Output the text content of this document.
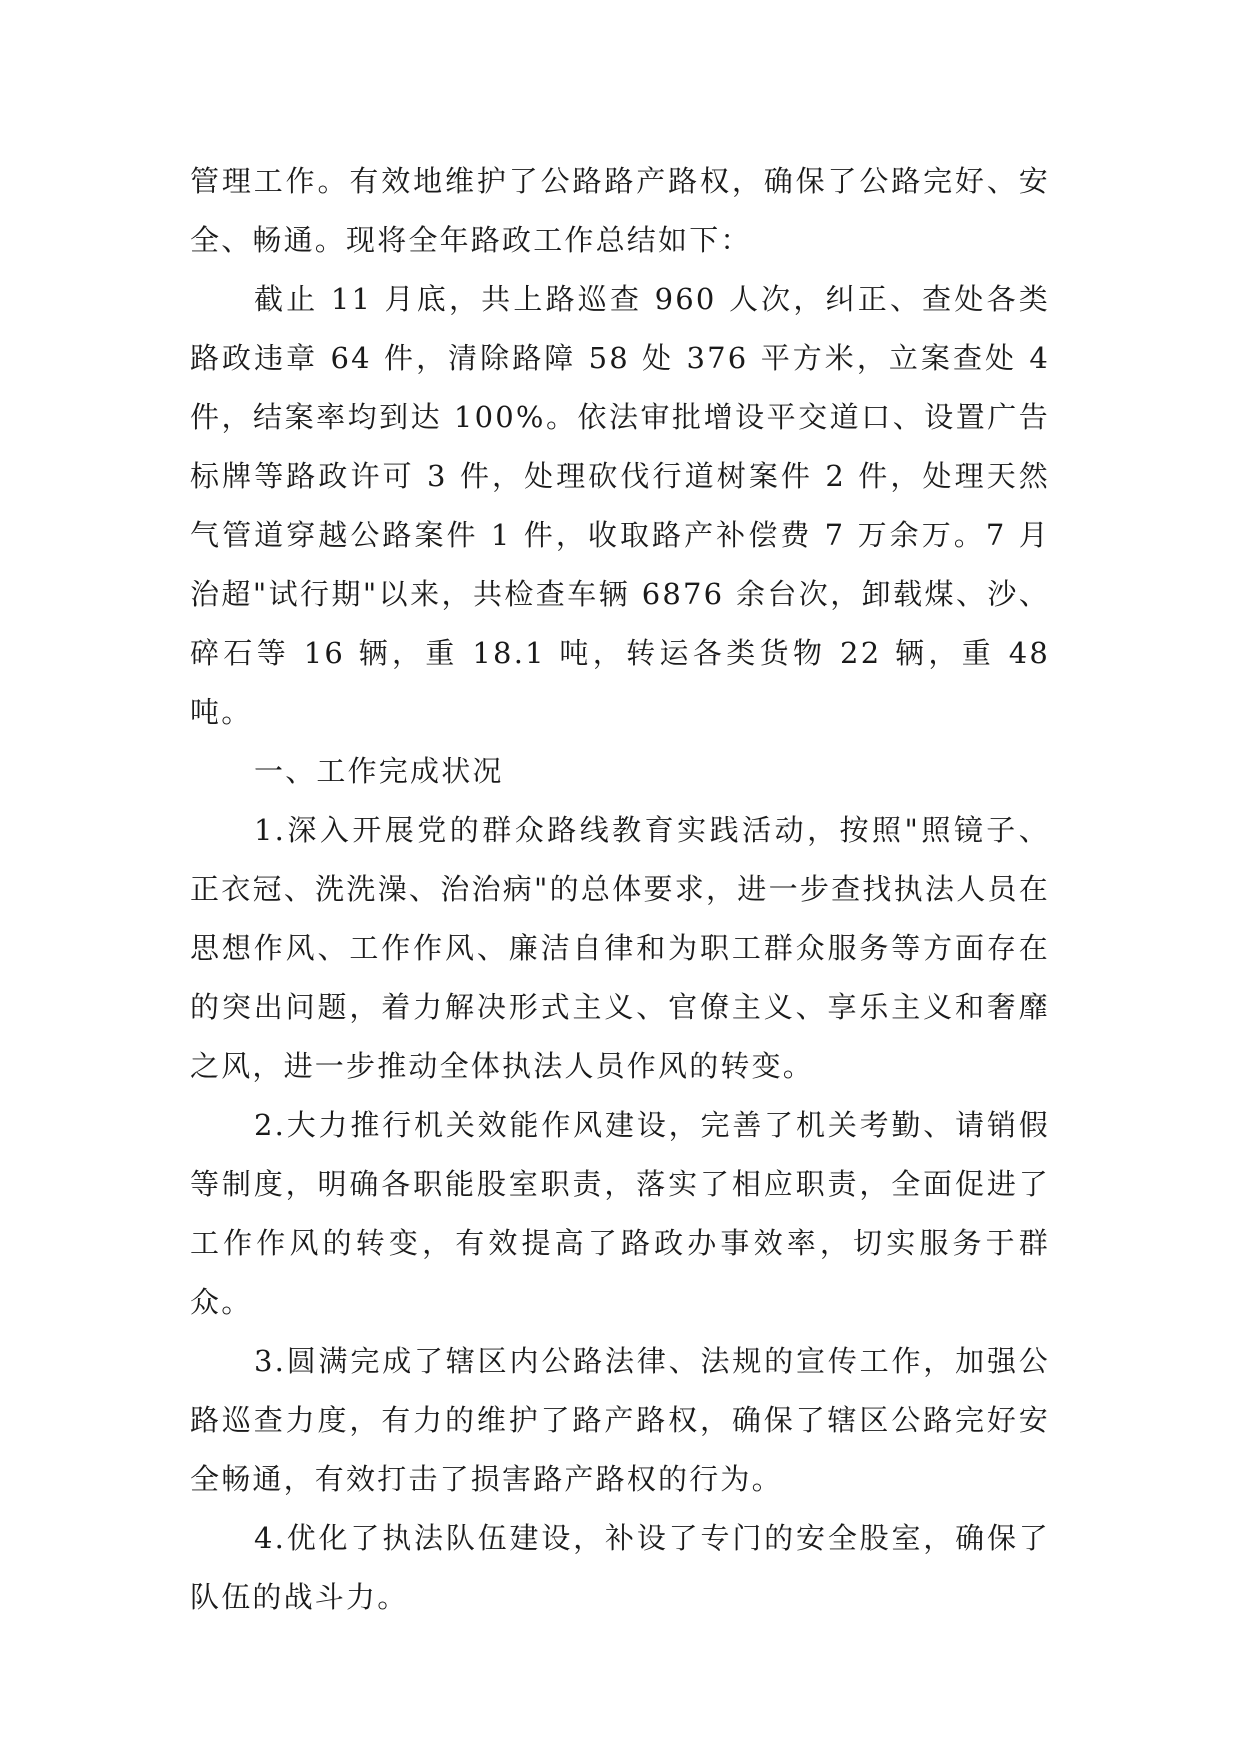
管理工作。有效地维护了公路路产路权，确保了公路完好、安全、畅通。现将全年路政工作总结如下：

截止 11 月底，共上路巡查 960 人次，纠正、查处各类路政违章 64 件，清除路障 58 处 376 平方米，立案查处 4 件，结案率均到达 100%。依法审批增设平交道口、设置广告标牌等路政许可 3 件，处理砍伐行道树案件 2 件，处理天然气管道穿越公路案件 1 件，收取路产补偿费 7 万余万。7 月治超"试行期"以来，共检查车辆 6876 余台次，卸载煤、沙、碎石等 16 辆，重 18.1 吨，转运各类货物 22 辆，重 48 吨。

一、工作完成状况

1.深入开展党的群众路线教育实践活动，按照"照镜子、正衣冠、洗洗澡、治治病"的总体要求，进一步查找执法人员在思想作风、工作作风、廉洁自律和为职工群众服务等方面存在的突出问题，着力解决形式主义、官僚主义、享乐主义和奢靡之风，进一步推动全体执法人员作风的转变。

2.大力推行机关效能作风建设，完善了机关考勤、请销假等制度，明确各职能股室职责，落实了相应职责，全面促进了工作作风的转变，有效提高了路政办事效率，切实服务于群众。

3.圆满完成了辖区内公路法律、法规的宣传工作，加强公路巡查力度，有力的维护了路产路权，确保了辖区公路完好安全畅通，有效打击了损害路产路权的行为。

4.优化了执法队伍建设，补设了专门的安全股室，确保了队伍的战斗力。
